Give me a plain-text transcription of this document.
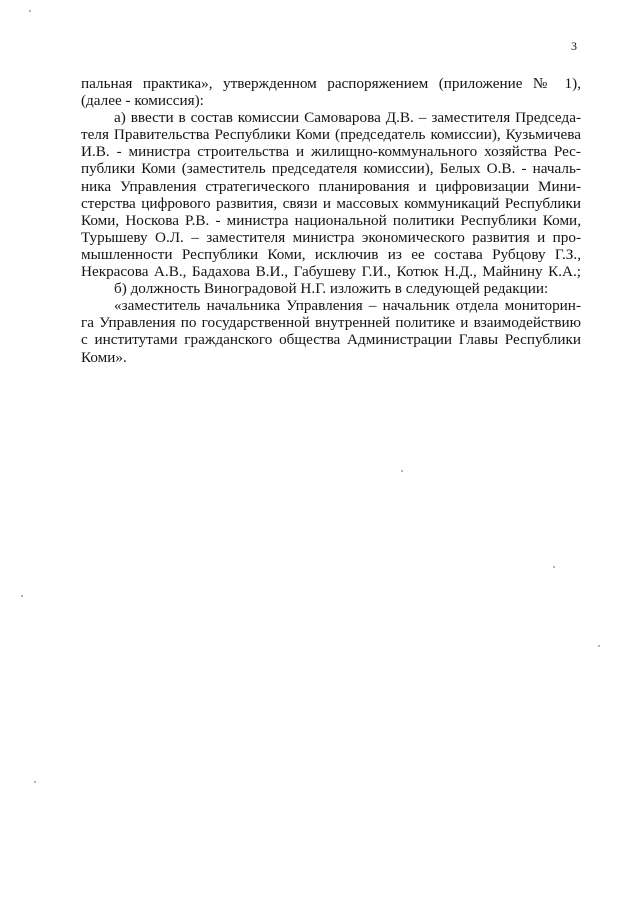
3
пальная практика», утвержденном распоряжением (приложение № 1),
(далее - комиссия):
а) ввести в состав комиссии Самоварова Д.В. – заместителя Председа-
теля Правительства Республики Коми (председатель комиссии), Кузьмичева
И.В. - министра строительства и жилищно-коммунального хозяйства Рес-
публики Коми (заместитель председателя комиссии), Белых О.В. - началь-
ника Управления стратегического планирования и цифровизации Мини-
стерства цифрового развития, связи и массовых коммуникаций Республики
Коми, Носкова Р.В. - министра национальной политики Республики Коми,
Турышеву О.Л. – заместителя министра экономического развития и про-
мышленности Республики Коми, исключив из ее состава Рубцову Г.З.,
Некрасова А.В., Бадахова В.И., Габушеву Г.И., Котюк Н.Д., Майнину К.А.;
б) должность Виноградовой Н.Г. изложить в следующей редакции:
«заместитель начальника Управления – начальник отдела мониторин-
га Управления по государственной внутренней политике и взаимодействию
с институтами гражданского общества Администрации Главы Республики
Коми».
